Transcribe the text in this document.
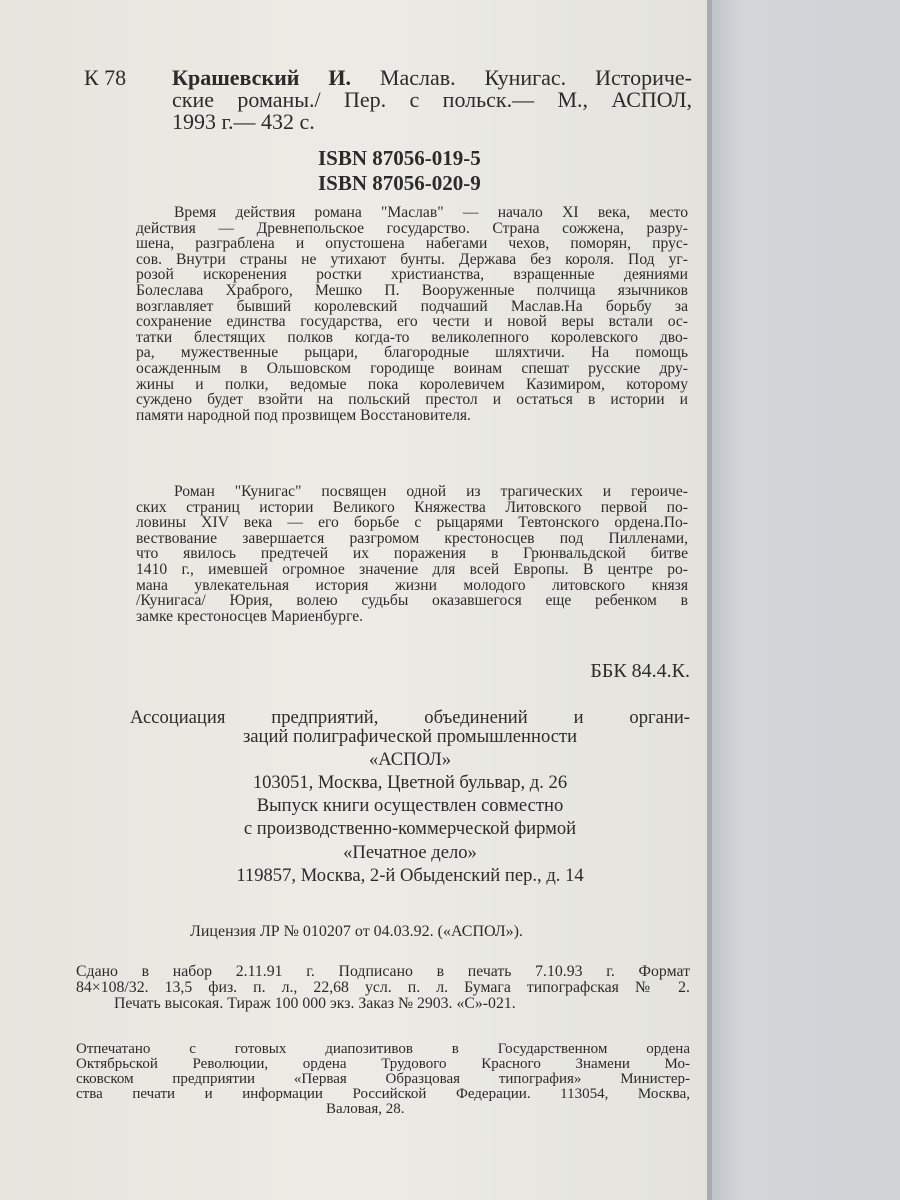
К 78 Крашевский И. Маслав. Кунигас. Историче-
ские романы./ Пер. с польск.— М., АСПОЛ,
1993 г.— 432 с.
ISBN 87056-019-5
ISBN 87056-020-9
Время действия романа "Маслав" — начало XI века, место
действия — Древнепольское государство. Страна сожжена, разру-
шена, разграблена и опустошена набегами чехов, поморян, прус-
сов. Внутри страны не утихают бунты. Держава без короля. Под уг-
розой искоренения ростки христианства, взращенные деяниями
Болеслава Храброго, Мешко П. Вооруженные полчища язычников
возглавляет бывший королевский подчаший Маслав.На борьбу за
сохранение единства государства, его чести и новой веры встали ос-
татки блестящих полков когда-то великолепного королевского дво-
ра, мужественные рыцари, благородные шляхтичи. На помощь
осажденным в Ольшовском городище воинам спешат русские дру-
жины и полки, ведомые пока королевичем Казимиром, которому
суждено будет взойти на польский престол и остаться в истории и
памяти народной под прозвищем Восстановителя.
Роман "Кунигас" посвящен одной из трагических и героиче-
ских страниц истории Великого Княжества Литовского первой по-
ловины XIV века — его борьбе с рыцарями Тевтонского ордена.По-
вествование завершается разгромом крестоносцев под Пилленами,
что явилось предтечей их поражения в Грюнвальдской битве
1410 г., имевшей огромное значение для всей Европы. В центре ро-
мана увлекательная история жизни молодого литовского князя
/Кунигаса/ Юрия, волею судьбы оказавшегося еще ребенком в
замке крестоносцев Мариенбурге.
ББК 84.4.К.
Ассоциация предприятий, объединений и органи-
заций полиграфической промышленности
«АСПОЛ»
103051, Москва, Цветной бульвар, д. 26
Выпуск книги осуществлен совместно
с производственно-коммерческой фирмой
«Печатное дело»
119857, Москва, 2-й Обыденский пер., д. 14
Лицензия ЛР № 010207 от 04.03.92. («АСПОЛ»).
Сдано в набор 2.11.91 г. Подписано в печать 7.10.93 г. Формат
84×108/32. 13,5 физ. п. л., 22,68 усл. п. л. Бумага типографская № 2.
Печать высокая. Тираж 100 000 экз. Заказ № 2903. «С»-021.
Отпечатано с готовых диапозитивов в Государственном ордена
Октябрьской Революции, ордена Трудового Красного Знамени Мо-
сковском предприятии «Первая Образцовая типография» Министер-
ства печати и информации Российской Федерации. 113054, Москва,
Валовая, 28.
